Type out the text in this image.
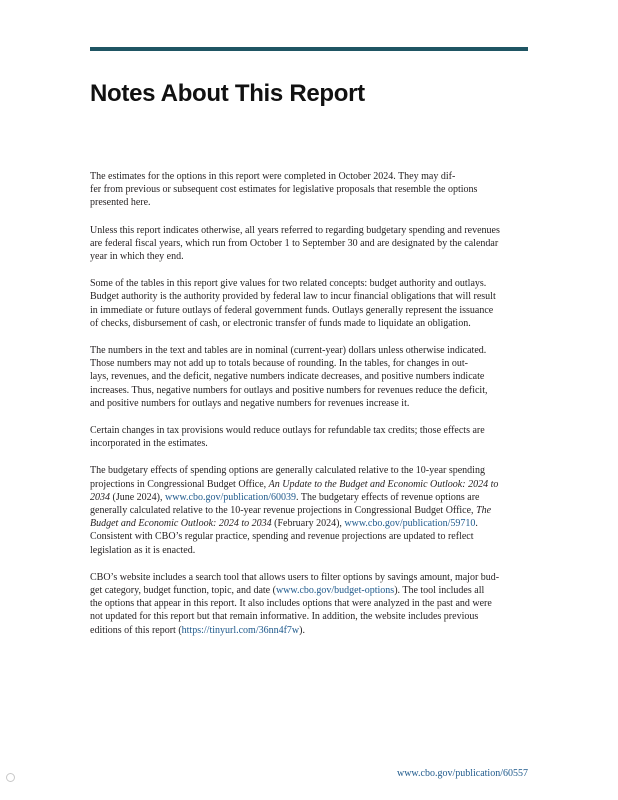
Notes About This Report

The estimates for the options in this report were completed in October 2024. They may dif-
fer from previous or subsequent cost estimates for legislative proposals that resemble the options
presented here.

Unless this report indicates otherwise, all years referred to regarding budgetary spending and revenues
are federal fiscal years, which run from October 1 to September 30 and are designated by the calendar
year in which they end.

Some of the tables in this report give values for two related concepts: budget authority and outlays.
Budget authority is the authority provided by federal law to incur financial obligations that will result
in immediate or future outlays of federal government funds. Outlays generally represent the issuance
of checks, disbursement of cash, or electronic transfer of funds made to liquidate an obligation.

The numbers in the text and tables are in nominal (current-year) dollars unless otherwise indicated.
Those numbers may not add up to totals because of rounding. In the tables, for changes in out-
lays, revenues, and the deficit, negative numbers indicate decreases, and positive numbers indicate
increases. Thus, negative numbers for outlays and positive numbers for revenues reduce the deficit,
and positive numbers for outlays and negative numbers for revenues increase it.

Certain changes in tax provisions would reduce outlays for refundable tax credits; those effects are
incorporated in the estimates.

The budgetary effects of spending options are generally calculated relative to the 10-year spending
projections in Congressional Budget Office, An Update to the Budget and Economic Outlook: 2024 to
2034 (June 2024), www.cbo.gov/publication/60039. The budgetary effects of revenue options are
generally calculated relative to the 10-year revenue projections in Congressional Budget Office, The
Budget and Economic Outlook: 2024 to 2034 (February 2024), www.cbo.gov/publication/59710.
Consistent with CBO’s regular practice, spending and revenue projections are updated to reflect
legislation as it is enacted.

CBO’s website includes a search tool that allows users to filter options by savings amount, major bud-
get category, budget function, topic, and date (www.cbo.gov/budget-options). The tool includes all
the options that appear in this report. It also includes options that were analyzed in the past and were
not updated for this report but that remain informative. In addition, the website includes previous
editions of this report (https://tinyurl.com/36nn4f7w).

www.cbo.gov/publication/60557
